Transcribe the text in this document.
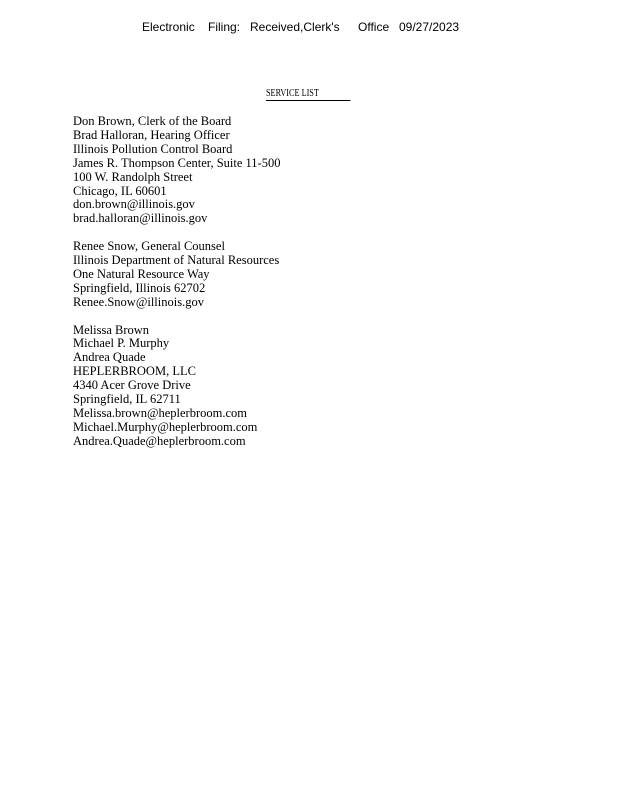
Electronic Filing: Received,Clerk's Office 09/27/2023
SERVICE LIST
Don Brown, Clerk of the Board
Brad Halloran, Hearing Officer
Illinois Pollution Control Board
James R. Thompson Center, Suite 11-500
100 W. Randolph Street
Chicago, IL 60601
don.brown@illinois.gov
brad.halloran@illinois.gov
Renee Snow, General Counsel
Illinois Department of Natural Resources
One Natural Resource Way
Springfield, Illinois 62702
Renee.Snow@illinois.gov
Melissa Brown
Michael P. Murphy
Andrea Quade
HEPLERBROOM, LLC
4340 Acer Grove Drive
Springfield, IL 62711
Melissa.brown@heplerbroom.com
Michael.Murphy@heplerbroom.com
Andrea.Quade@heplerbroom.com
